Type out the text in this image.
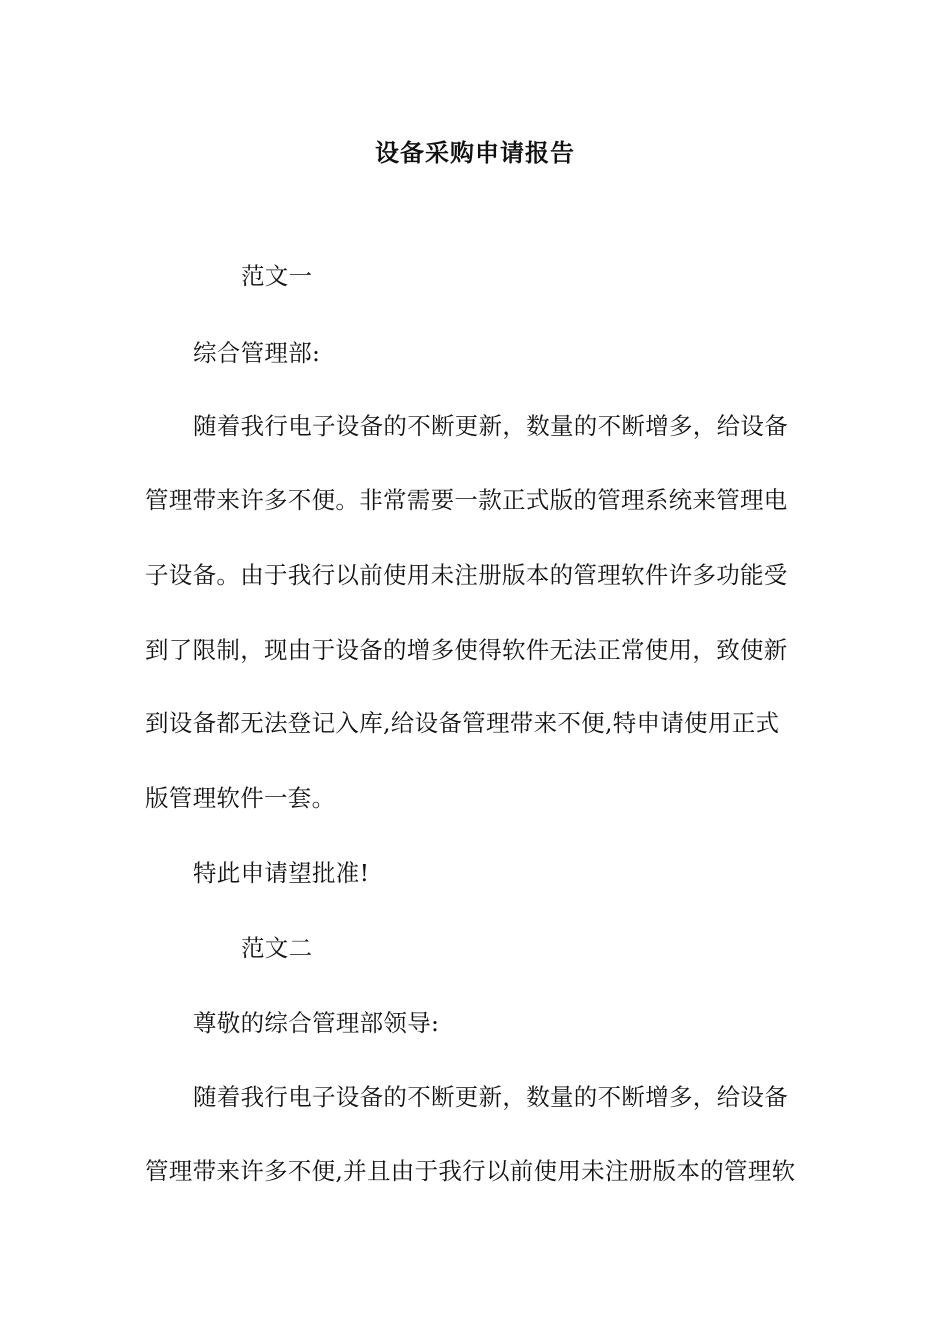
设备采购申请报告
范文一
综合管理部:
随着我行电子设备的不断更新，数量的不断增多，给设备
管理带来许多不便。非常需要一款正式版的管理系统来管理电
子设备。由于我行以前使用未注册版本的管理软件许多功能受
到了限制，现由于设备的增多使得软件无法正常使用，致使新
到设备都无法登记入库,给设备管理带来不便,特申请使用正式
版管理软件一套。
特此申请望批准!
范文二
尊敬的综合管理部领导:
随着我行电子设备的不断更新，数量的不断增多，给设备
管理带来许多不便,并且由于我行以前使用未注册版本的管理软
